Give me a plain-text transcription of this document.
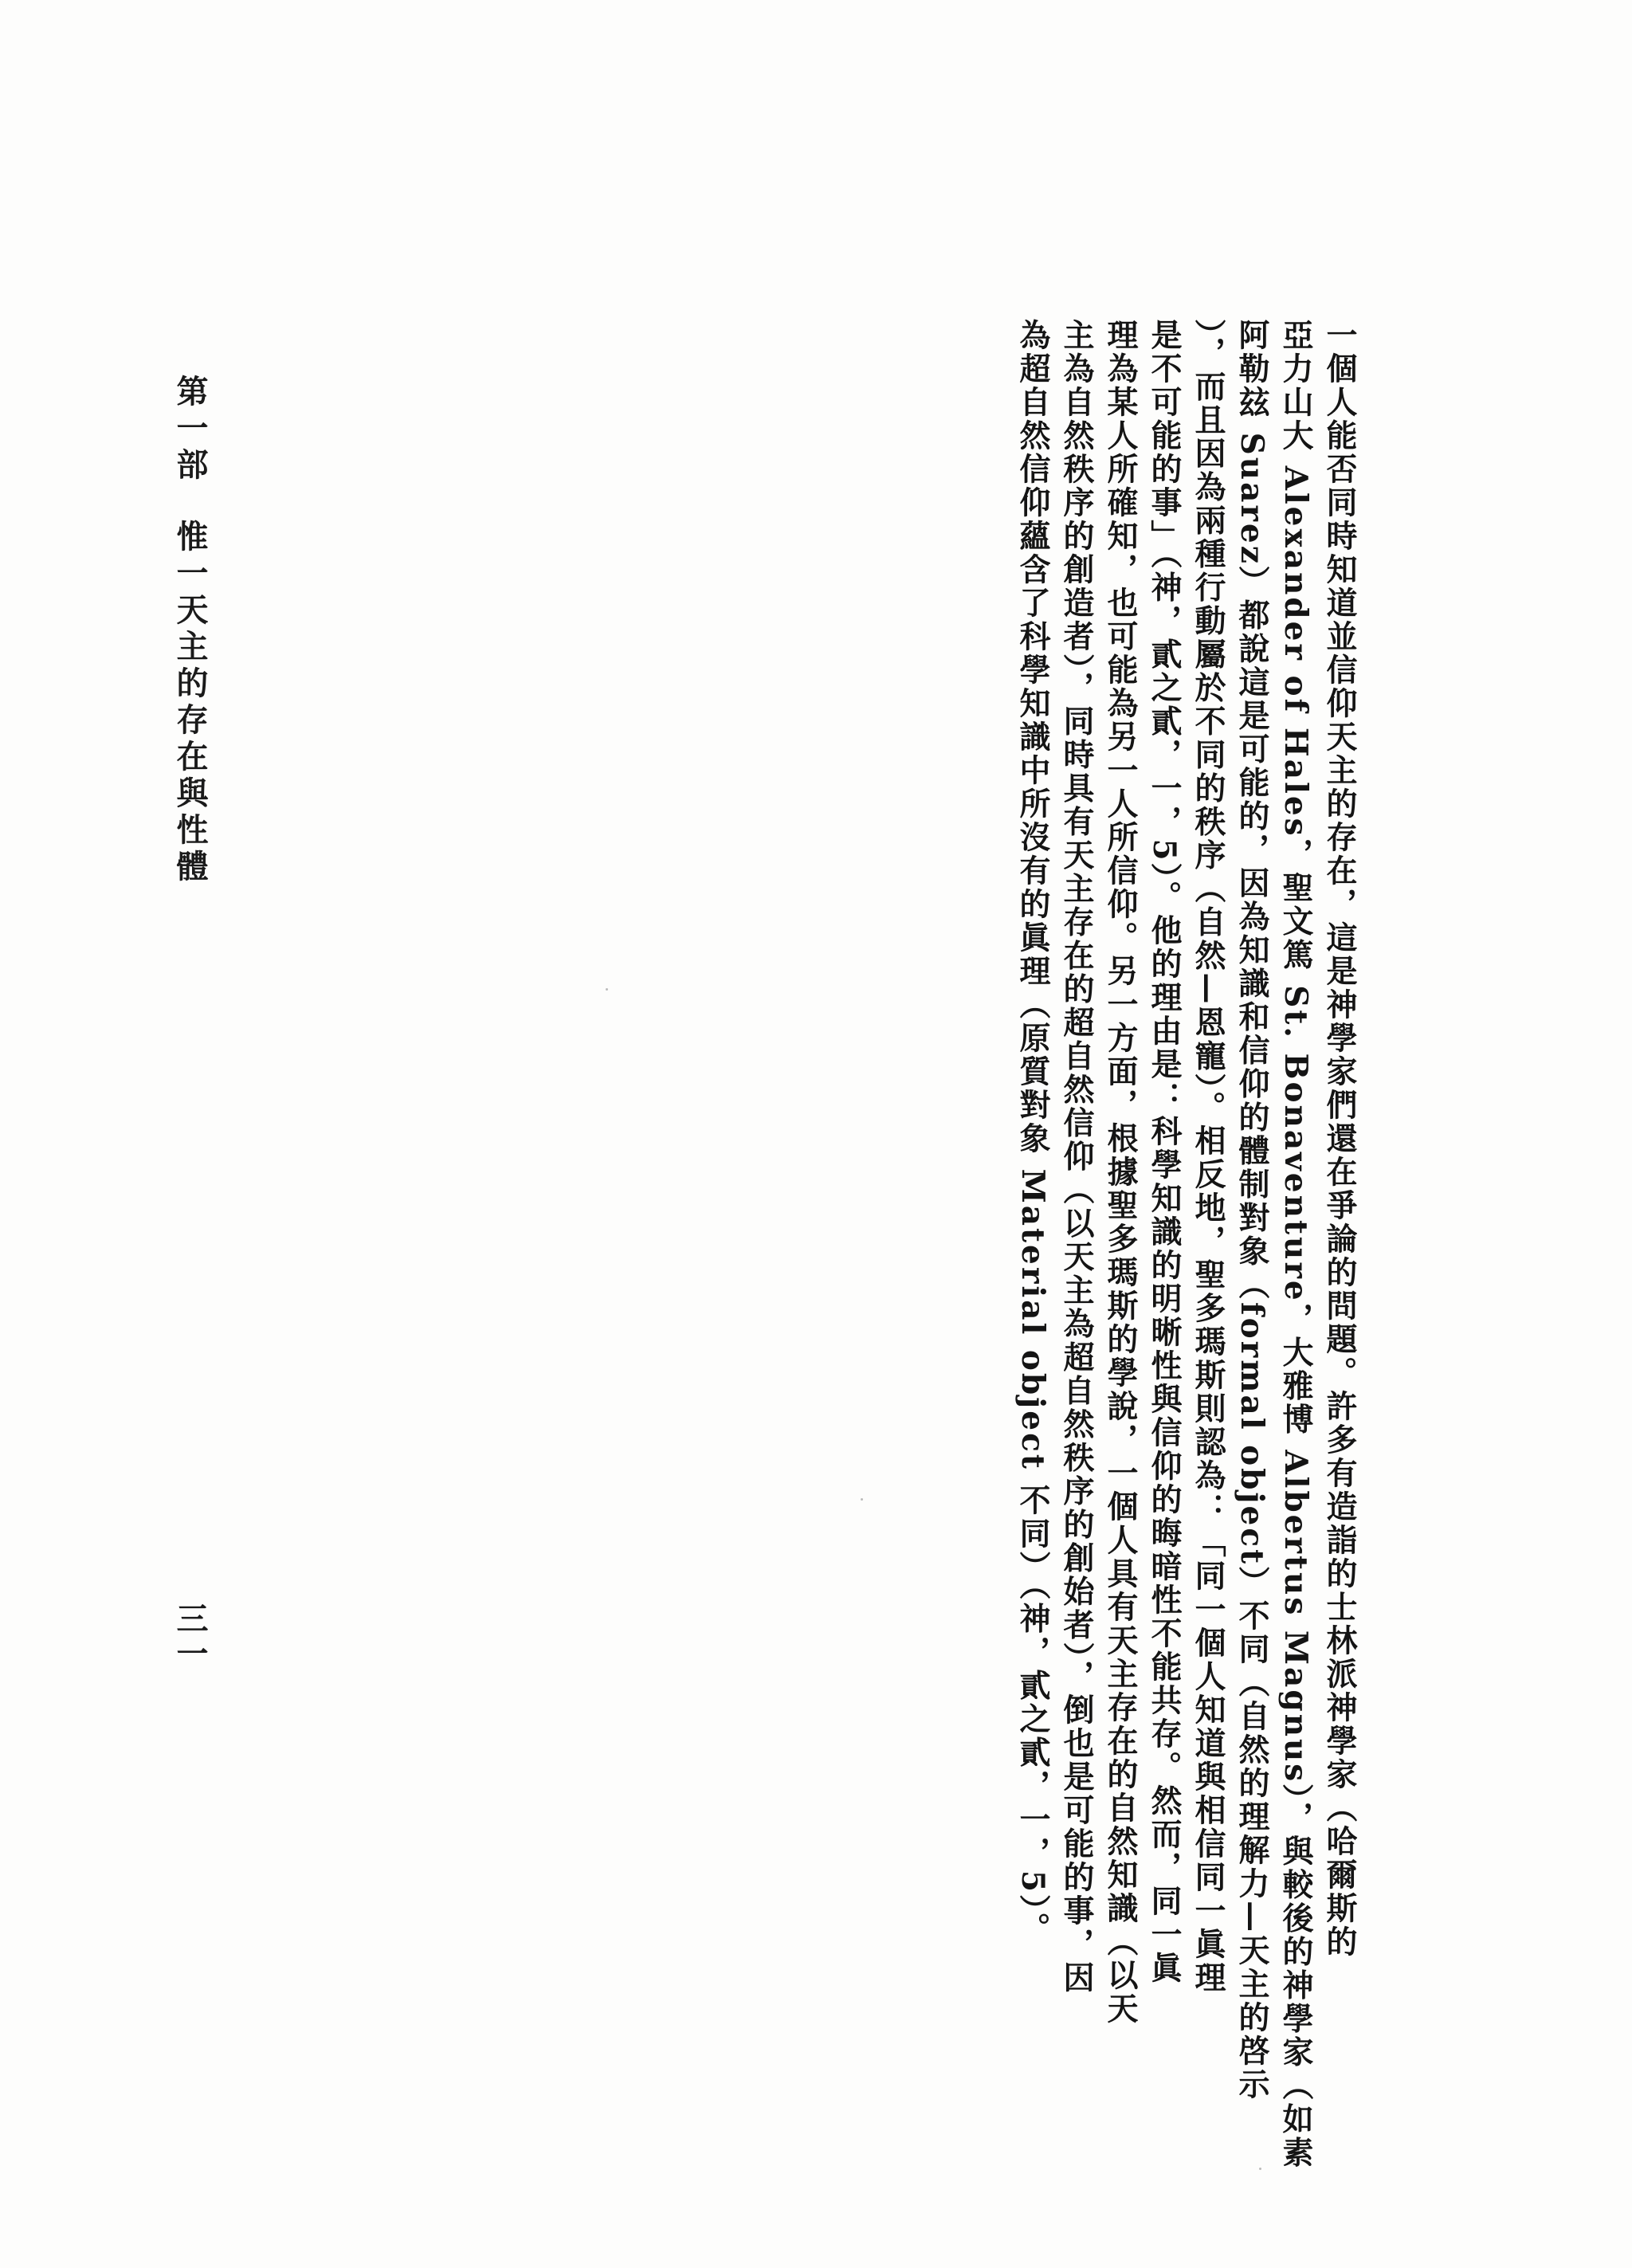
一個人能否同時知道並信仰天主的存在，這是神學家們還在爭論的問題。許多有造詣的士林派神學家（哈爾斯的
亞力山大 Alexander of Hales，聖文篤 St. Bonaventure，大雅博 Albertus Magnus），與較後的神學家（如素
阿勒玆 Suarez）都說這是可能的，因為知識和信仰的體制對象（formal object）不同（自然的理解力—天主的啓示
），而且因為兩種行動屬於不同的秩序（自然—恩寵）。相反地，聖多瑪斯則認為：「同一個人知道與相信同一眞理
是不可能的事」（神，貳之貳，一，5）。他的理由是：科學知識的明晰性與信仰的晦暗性不能共存。然而，同一眞
理為某人所確知，也可能為另一人所信仰。另一方面，根據聖多瑪斯的學說，一個人具有天主存在的自然知識（以天
主為自然秩序的創造者），同時具有天主存在的超自然信仰（以天主為超自然秩序的創始者），倒也是可能的事，因
為超自然信仰蘊含了科學知識中所沒有的眞理（原質對象 Material object 不同）（神，貳之貳，一，5）。
第一部惟一天主的存在與性體
三一
